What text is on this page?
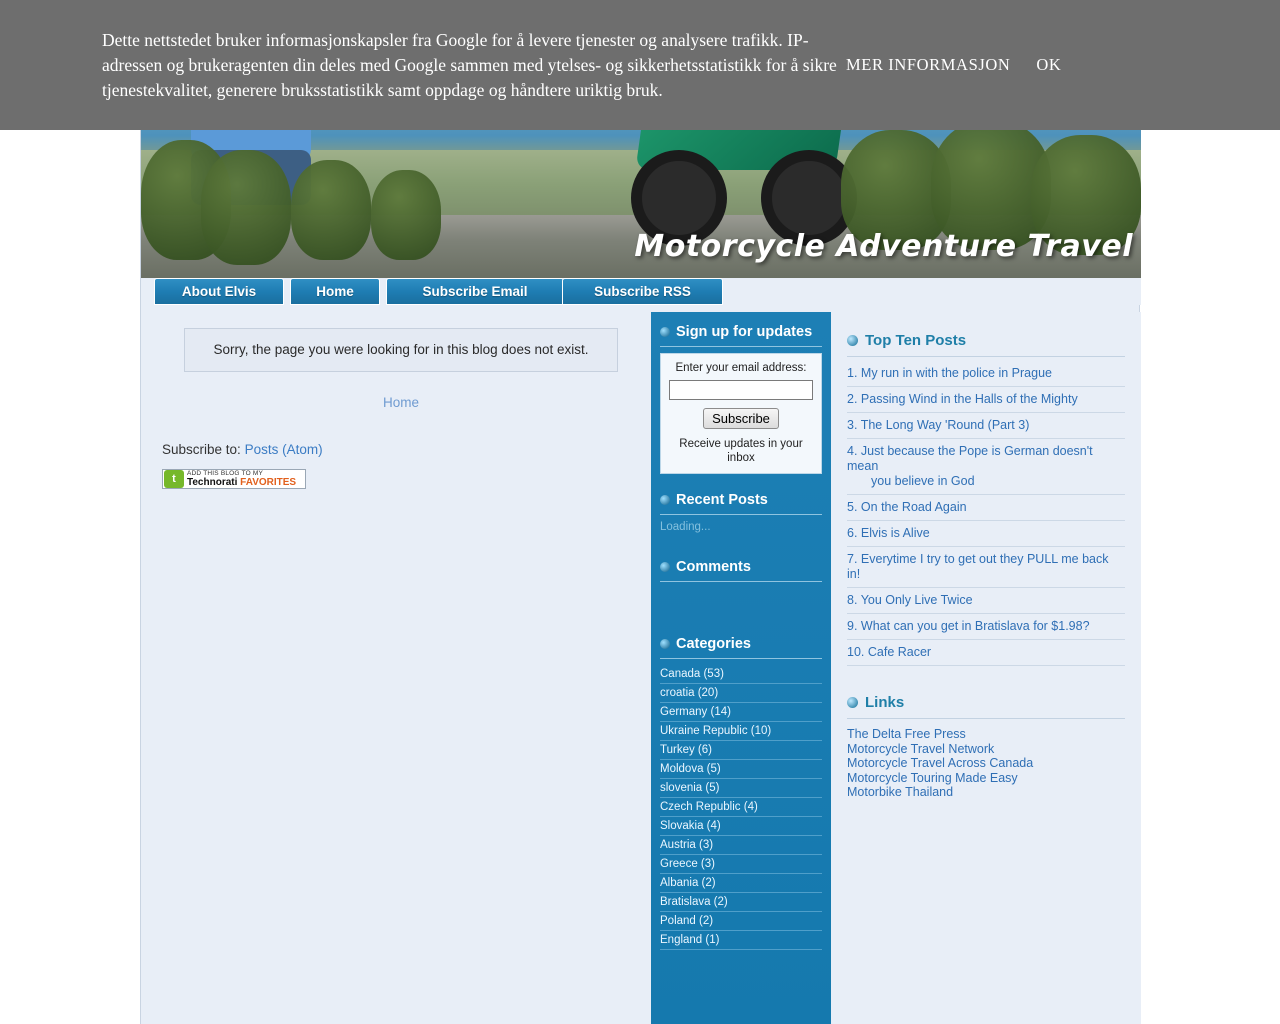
Motorcycle Adventure Travel
About Elvis	Home	Subscribe Email	Subscribe RSS
Sorry, the page you were looking for in this blog does not exist.
Home
Subscribe to: Posts (Atom)
t	ADD THIS BLOG TO MY
Technorati FAVORITES
Sign up for updates
Enter your email address:
Subscribe
Receive updates in your inbox
Recent Posts
Loading...
Comments
Categories
Canada (53)
croatia (20)
Germany (14)
Ukraine Republic (10)
Turkey (6)
Moldova (5)
slovenia (5)
Czech Republic (4)
Slovakia (4)
Austria (3)
Greece (3)
Albania (2)
Bratislava (2)
Poland (2)
England (1)
Top Ten Posts
1. My run in with the police in Prague
2. Passing Wind in the Halls of the Mighty
3. The Long Way 'Round (Part 3)
4. Just because the Pope is German doesn't mean
you believe in God
5. On the Road Again
6. Elvis is Alive
7. Everytime I try to get out they PULL me back in!
8. You Only Live Twice
9. What can you get in Bratislava for $1.98?
10. Cafe Racer
Links
The Delta Free Press
Motorcycle Travel Network
Motorcycle Travel Across Canada
Motorcycle Touring Made Easy
Motorbike Thailand
Dette nettstedet bruker informasjonskapsler fra Google for å levere tjenester og analysere trafikk. IP-adressen og brukeragenten din deles med Google sammen med ytelses- og sikkerhetsstatistikk for å sikre tjenestekvalitet, generere bruksstatistikk samt oppdage og håndtere uriktig bruk.
MER INFORMASJON OK
